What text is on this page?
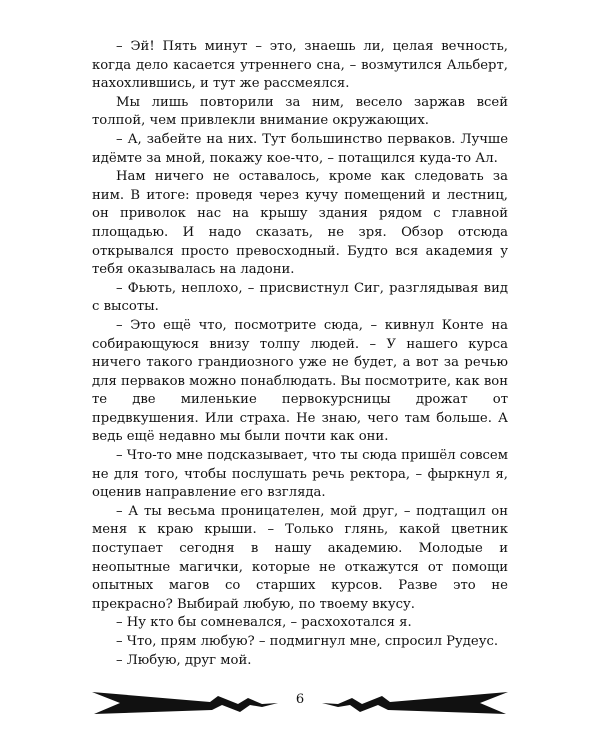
– Эй! Пять минут – это, знаешь ли, целая вечность, когда дело касается утреннего сна, – возмутился Альберт, нахохлившись, и тут же рассмеялся.

Мы лишь повторили за ним, весело заржав всей толпой, чем привлекли внимание окружающих.

– А, забейте на них. Тут большинство перваков. Лучше идёмте за мной, покажу кое-что, – потащился куда-то Ал.

Нам ничего не оставалось, кроме как следовать за ним. В итоге: проведя через кучу помещений и лестниц, он приволок нас на крышу здания рядом с главной площадью. И надо сказать, не зря. Обзор отсюда открывался просто превосходный. Будто вся академия у тебя оказывалась на ладони.

– Фьють, неплохо, – присвистнул Сиг, разглядывая вид с высоты.

– Это ещё что, посмотрите сюда, – кивнул Конте на собирающуюся внизу толпу людей. – У нашего курса ничего такого грандиозного уже не будет, а вот за речью для перваков можно понаблюдать. Вы посмотрите, как вон те две миленькие первокурсницы дрожат от предвкушения. Или страха. Не знаю, чего там больше. А ведь ещё недавно мы были почти как они.

– Что-то мне подсказывает, что ты сюда пришёл совсем не для того, чтобы послушать речь ректора, – фыркнул я, оценив направление его взгляда.

– А ты весьма проницателен, мой друг, – подтащил он меня к краю крыши. – Только глянь, какой цветник поступает сегодня в нашу академию. Молодые и неопытные магички, которые не откажутся от помощи опытных магов со старших курсов. Разве это не прекрасно? Выбирай любую, по твоему вкусу.

– Ну кто бы сомневался, – расхохотался я.

– Что, прям любую? – подмигнул мне, спросил Рудеус.

– Любую, друг мой.

6
